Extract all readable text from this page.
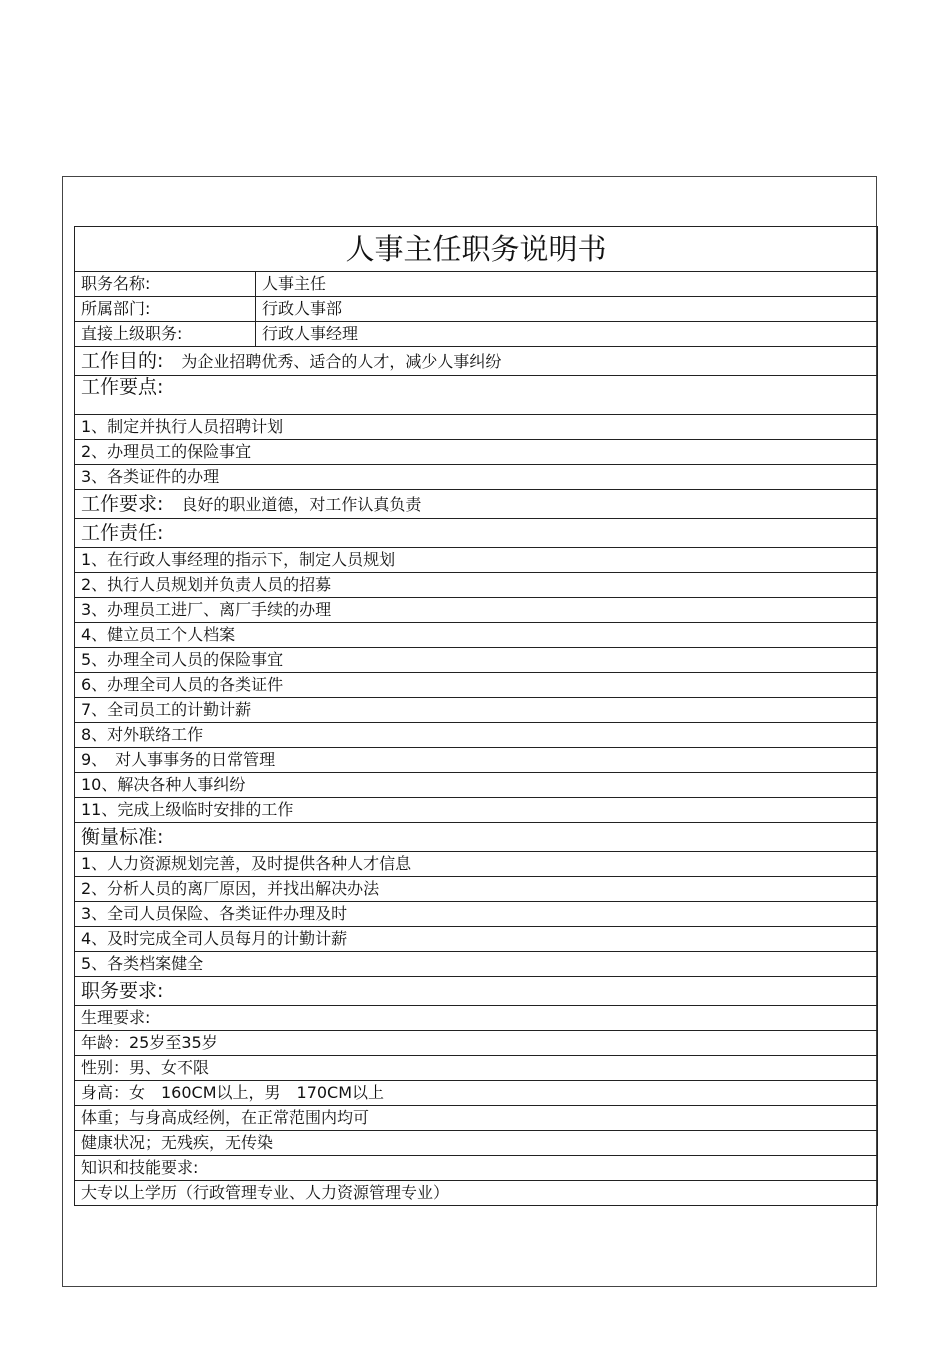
人事主任职务说明书	
职务名称:	人事主任
所属部门:	行政人事部
直接上级职务:	行政人事经理
工作目的: 为企业招聘优秀、适合的人才，减少人事纠纷	
工作要点:	
1、制定并执行人员招聘计划	
2、办理员工的保险事宜	
3、各类证件的办理	
工作要求: 良好的职业道德，对工作认真负责	
工作责任:	
1、在行政人事经理的指示下，制定人员规划	
2、执行人员规划并负责人员的招募	
3、办理员工进厂、离厂手续的办理	
4、健立员工个人档案	
5、办理全司人员的保险事宜	
6、办理全司人员的各类证件	
7、全司员工的计勤计薪	
8、对外联络工作	
9、　对人事事务的日常管理	
10、解决各种人事纠纷	
11、完成上级临时安排的工作	
衡量标准:	
1、人力资源规划完善，及时提供各种人才信息	
2、分析人员的离厂原因，并找出解决办法	
3、全司人员保险、各类证件办理及时	
4、及时完成全司人员每月的计勤计薪	
5、各类档案健全	
职务要求:	
生理要求:	
年龄：25岁至35岁	
性别：男、女不限	
身高：女　160CM以上，男　170CM以上	
体重；与身高成经例，在正常范围内均可	
健康状况；无残疾，无传染	
知识和技能要求:	
大专以上学历（行政管理专业、人力资源管理专业）	
